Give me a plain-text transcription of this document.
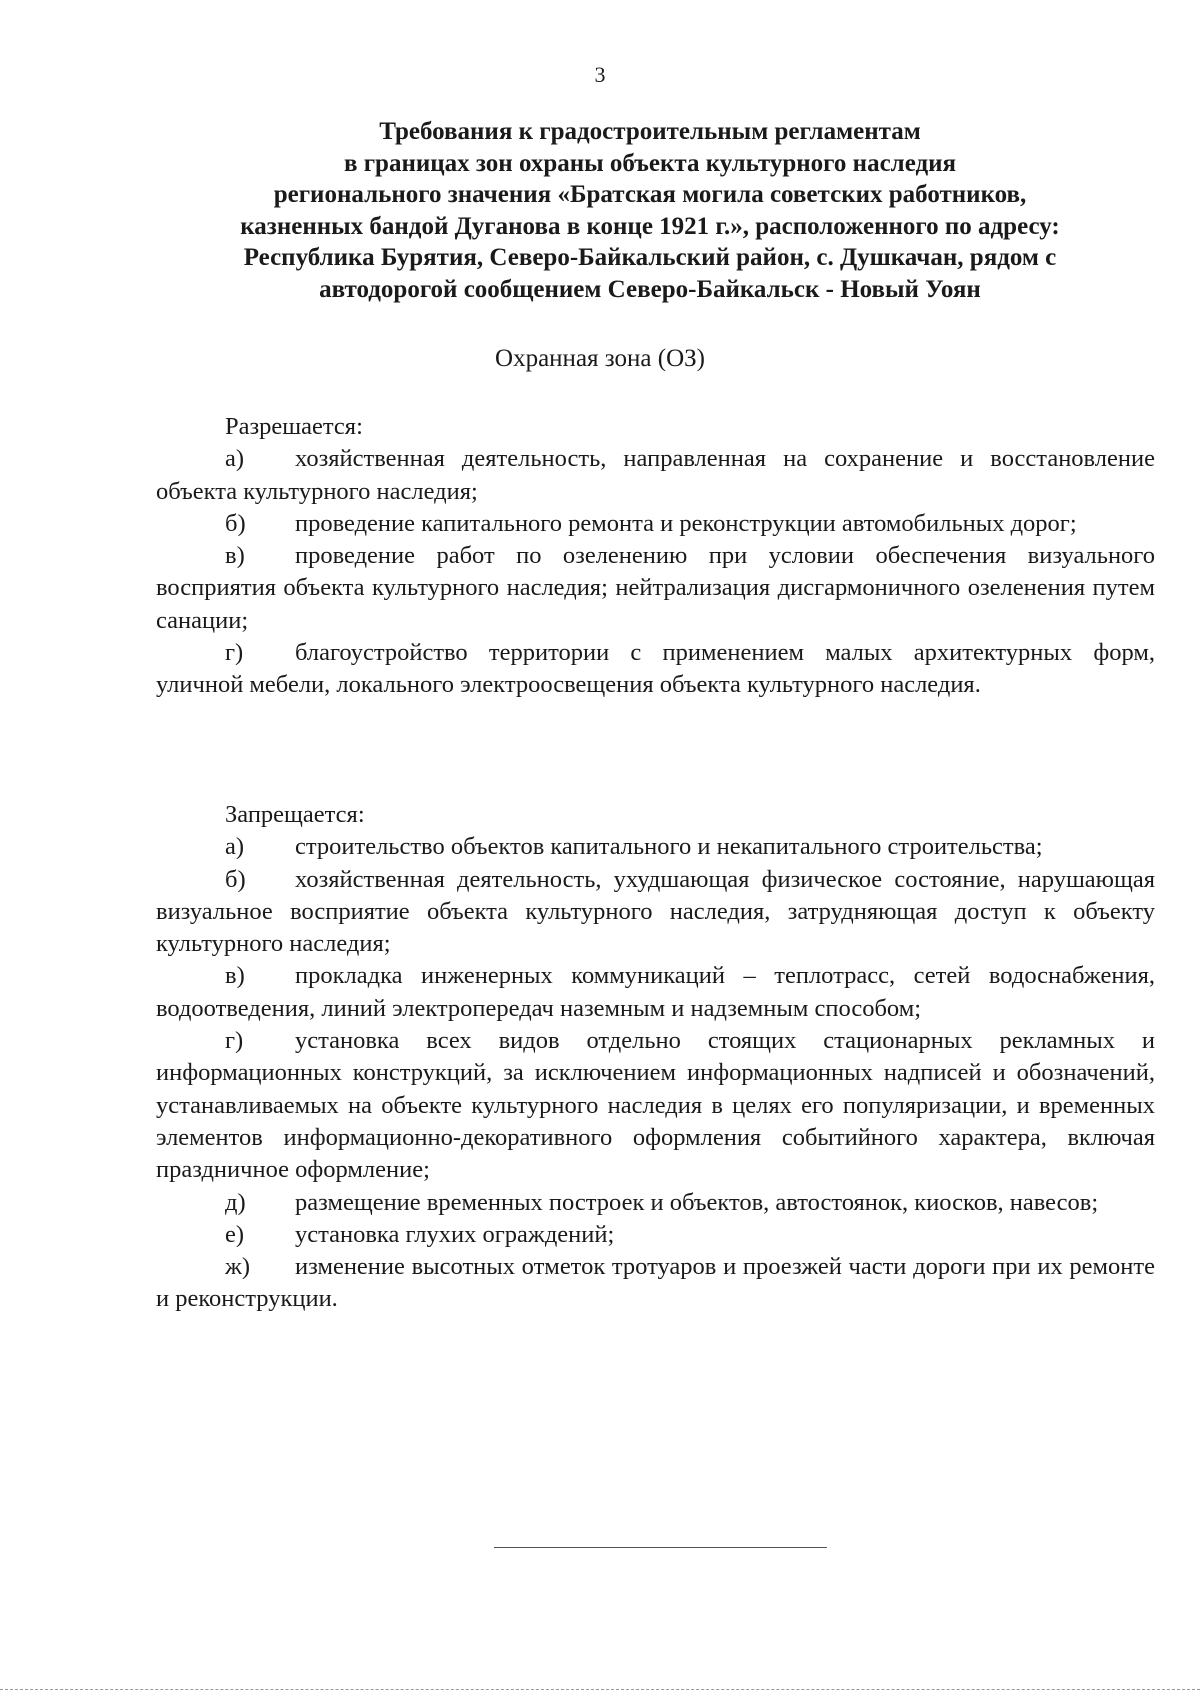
3
Требования к градостроительным регламентам
в границах зон охраны объекта культурного наследия
регионального значения «Братская могила советских работников,
казненных бандой Дуганова в конце 1921 г.», расположенного по адресу:
Республика Бурятия, Северо-Байкальский район, с. Душкачан, рядом с
автодорогой сообщением Северо-Байкальск - Новый Уоян
Охранная зона (ОЗ)
Разрешается:
а) хозяйственная деятельность, направленная на сохранение и восстановление объекта культурного наследия;
б) проведение капитального ремонта и реконструкции автомобильных дорог;
в) проведение работ по озеленению при условии обеспечения визуального восприятия объекта культурного наследия; нейтрализация дисгармоничного озеленения путем санации;
г) благоустройство территории с применением малых архитектурных форм, уличной мебели, локального электроосвещения объекта культурного наследия.
Запрещается:
а) строительство объектов капитального и некапитального строительства;
б) хозяйственная деятельность, ухудшающая физическое состояние, нарушающая визуальное восприятие объекта культурного наследия, затрудняющая доступ к объекту культурного наследия;
в) прокладка инженерных коммуникаций – теплотрасс, сетей водоснабжения, водоотведения, линий электропередач наземным и надземным способом;
г) установка всех видов отдельно стоящих стационарных рекламных и информационных конструкций, за исключением информационных надписей и обозначений, устанавливаемых на объекте культурного наследия в целях его популяризации, и временных элементов информационно-декоративного оформления событийного характера, включая праздничное оформление;
д) размещение временных построек и объектов, автостоянок, киосков, навесов;
е) установка глухих ограждений;
ж) изменение высотных отметок тротуаров и проезжей части дороги при их ремонте и реконструкции.
